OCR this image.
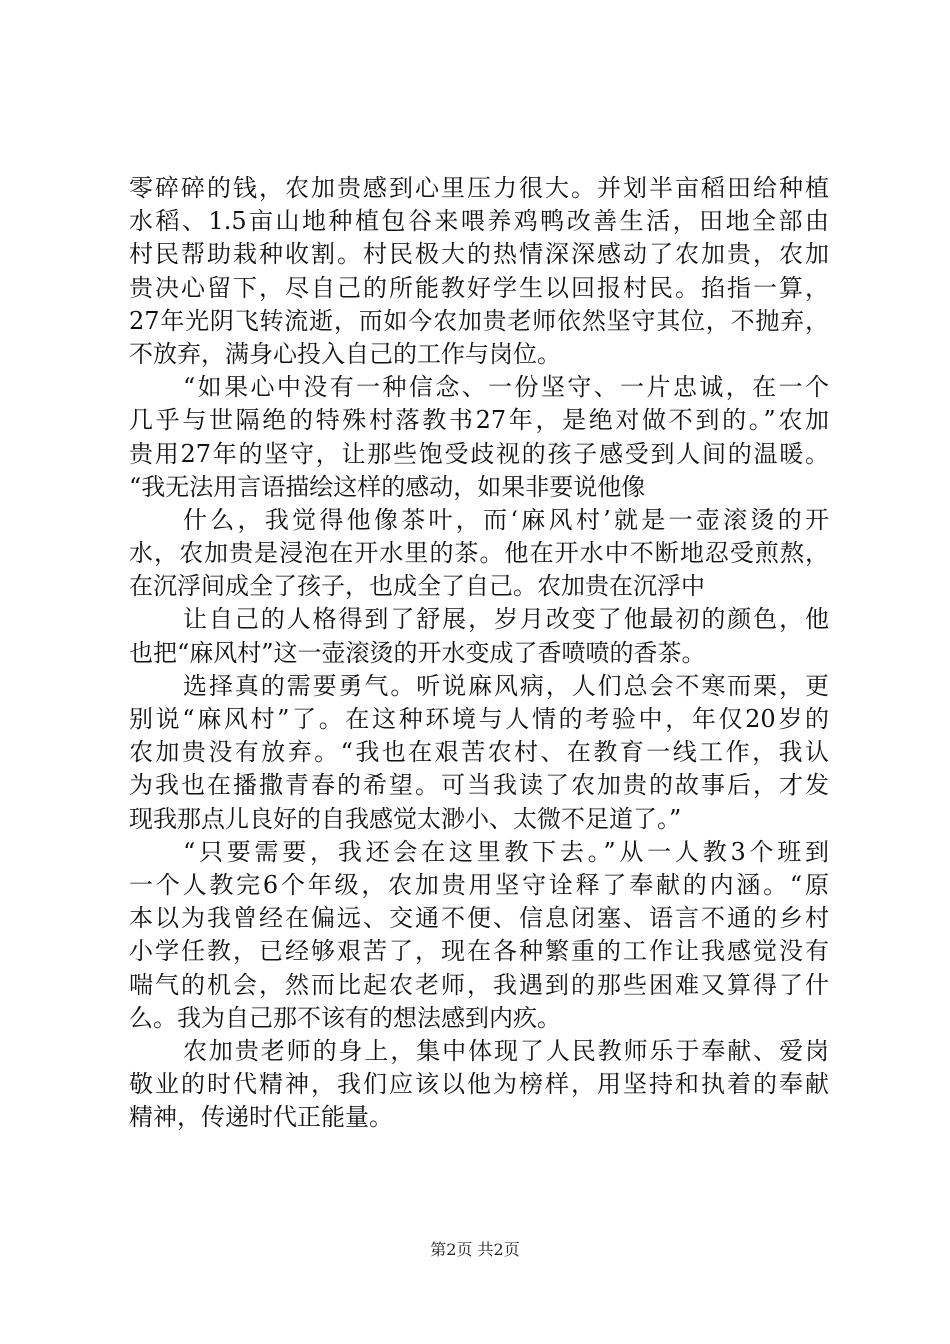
零碎碎的钱，农加贵感到心里压力很大。并划半亩稻田给种植
水稻、1.5亩山地种植包谷来喂养鸡鸭改善生活，田地全部由
村民帮助栽种收割。村民极大的热情深深感动了农加贵，农加
贵决心留下，尽自己的所能教好学生以回报村民。掐指一算，
27年光阴飞转流逝，而如今农加贵老师依然坚守其位，不抛弃，
不放弃，满身心投入自己的工作与岗位。
“如果心中没有一种信念、一份坚守、一片忠诚，在一个
几乎与世隔绝的特殊村落教书27年，是绝对做不到的。”农加
贵用27年的坚守，让那些饱受歧视的孩子感受到人间的温暖。
“我无法用言语描绘这样的感动，如果非要说他像
什么，我觉得他像茶叶，而‘麻风村’就是一壶滚烫的开
水，农加贵是浸泡在开水里的茶。他在开水中不断地忍受煎熬，
在沉浮间成全了孩子，也成全了自己。农加贵在沉浮中
让自己的人格得到了舒展，岁月改变了他最初的颜色，他
也把“麻风村”这一壶滚烫的开水变成了香喷喷的香茶。
选择真的需要勇气。听说麻风病，人们总会不寒而栗，更
别说“麻风村”了。在这种环境与人情的考验中，年仅20岁的
农加贵没有放弃。“我也在艰苦农村、在教育一线工作，我认
为我也在播撒青春的希望。可当我读了农加贵的故事后，才发
现我那点儿良好的自我感觉太渺小、太微不足道了。”
“只要需要，我还会在这里教下去。”从一人教3个班到
一个人教完6个年级，农加贵用坚守诠释了奉献的内涵。“原
本以为我曾经在偏远、交通不便、信息闭塞、语言不通的乡村
小学任教，已经够艰苦了，现在各种繁重的工作让我感觉没有
喘气的机会，然而比起农老师，我遇到的那些困难又算得了什
么。我为自己那不该有的想法感到内疚。
农加贵老师的身上，集中体现了人民教师乐于奉献、爱岗
敬业的时代精神，我们应该以他为榜样，用坚持和执着的奉献
精神，传递时代正能量。
第2页 共2页
